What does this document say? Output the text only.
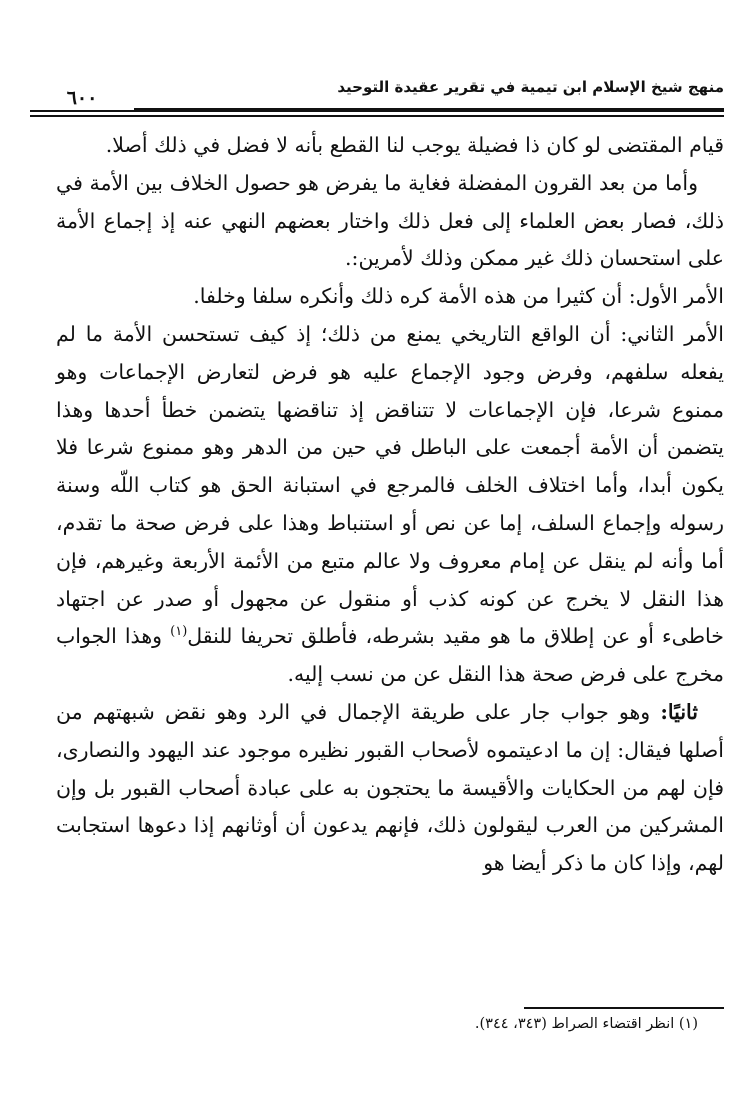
منهج شيخ الإسلام ابن تيمية في تقرير عقيدة التوحيد
٦٠٠

قيام المقتضى لو كان ذا فضيلة يوجب لنا القطع بأنه لا فضل في ذلك أصلا.

وأما من بعد القرون المفضلة فغاية ما يفرض هو حصول الخلاف بين الأمة في ذلك، فصار بعض العلماء إلى فعل ذلك واختار بعضهم النهي عنه إذ إجماع الأمة على استحسان ذلك غير ممكن وذلك لأمرين:.

الأمر الأول: أن كثيرا من هذه الأمة كره ذلك وأنكره سلفا وخلفا.

الأمر الثاني: أن الواقع التاريخي يمنع من ذلك؛ إذ كيف تستحسن الأمة ما لم يفعله سلفهم، وفرض وجود الإجماع عليه هو فرض لتعارض الإجماعات وهو ممنوع شرعا، فإن الإجماعات لا تتناقض إذ تناقضها يتضمن خطأ أحدها وهذا يتضمن أن الأمة أجمعت على الباطل في حين من الدهر وهو ممنوع شرعا فلا يكون أبدا، وأما اختلاف الخلف فالمرجع في استبانة الحق هو كتاب اللّه وسنة رسوله وإجماع السلف، إما عن نص أو استنباط وهذا على فرض صحة ما تقدم، أما وأنه لم ينقل عن إمام معروف ولا عالم متبع من الأئمة الأربعة وغيرهم، فإن هذا النقل لا يخرج عن كونه كذب أو منقول عن مجهول أو صدر عن اجتهاد خاطىء أو عن إطلاق ما هو مقيد بشرطه، فأطلق تحريفا للنقل$^{(١)}$ وهذا الجواب مخرج على فرض صحة هذا النقل عن من نسب إليه.

ثانيًا: وهو جواب جار على طريقة الإجمال في الرد وهو نقض شبهتهم من أصلها فيقال: إن ما ادعيتموه لأصحاب القبور نظيره موجود عند اليهود والنصارى، فإن لهم من الحكايات والأقيسة ما يحتجون به على عبادة أصحاب القبور بل وإن المشركين من العرب ليقولون ذلك، فإنهم يدعون أن أوثانهم إذا دعوها استجابت لهم، وإذا كان ما ذكر أيضا هو

(١) انظر اقتضاء الصراط (٣٤٣، ٣٤٤).
